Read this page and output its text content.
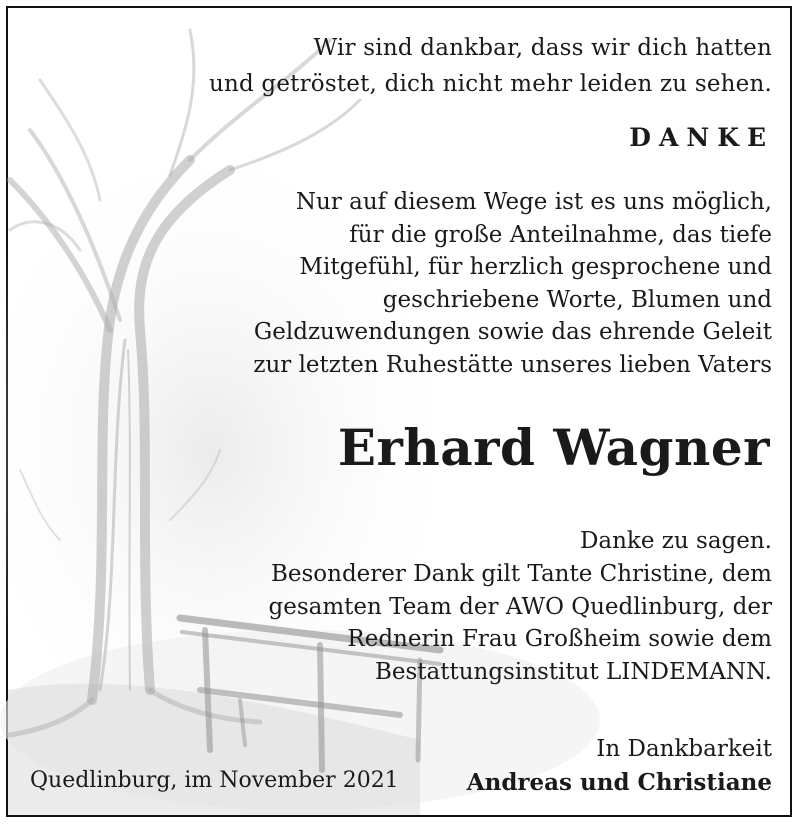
Wir sind dankbar, dass wir dich hatten
und getröstet, dich nicht mehr leiden zu sehen.
DANKE
Nur auf diesem Wege ist es uns möglich,
für die große Anteilnahme, das tiefe
Mitgefühl, für herzlich gesprochene und
geschriebene Worte, Blumen und
Geldzuwendungen sowie das ehrende Geleit
zur letzten Ruhestätte unseres lieben Vaters
Erhard Wagner
Danke zu sagen.
Besonderer Dank gilt Tante Christine, dem
gesamten Team der AWO Quedlinburg, der
Rednerin Frau Großheim sowie dem
Bestattungsinstitut LINDEMANN.
In Dankbarkeit
Andreas und Christiane
Quedlinburg, im November 2021
